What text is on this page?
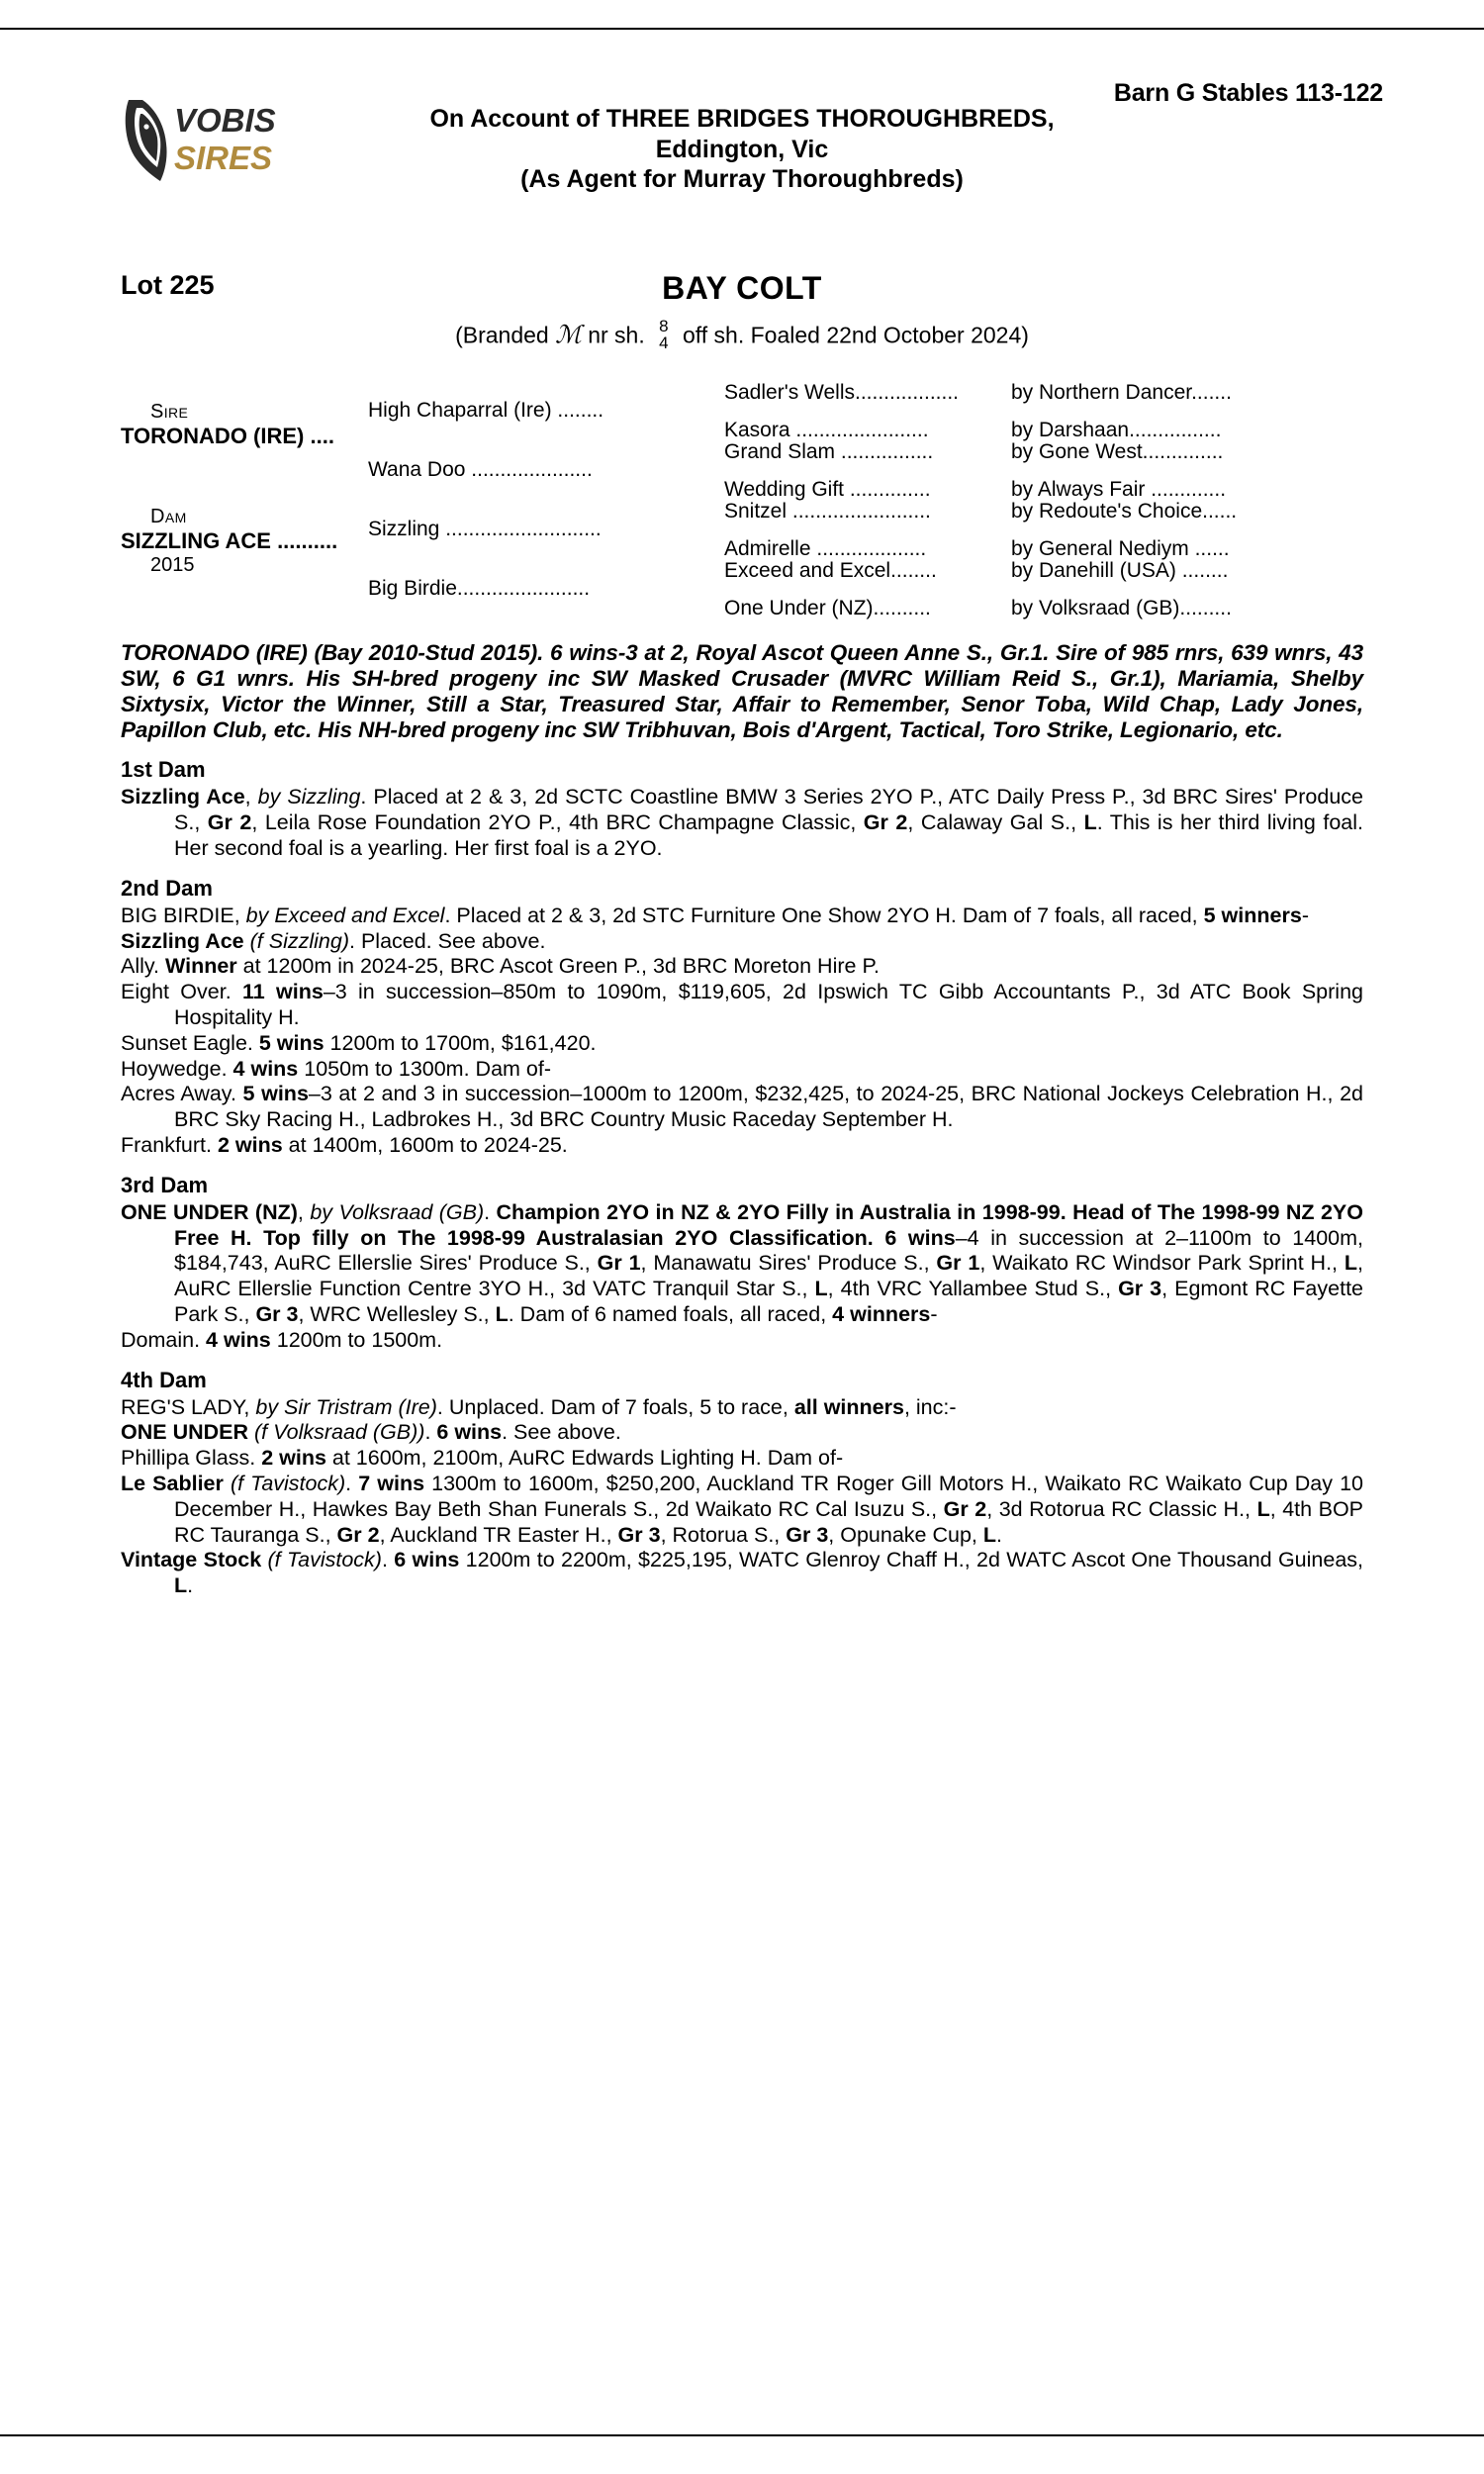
VOBIS
SIRES
Barn G Stables 113-122
On Account of THREE BRIDGES THOROUGHBREDS,
Eddington, Vic
(As Agent for Murray Thoroughbreds)
Lot 225	BAY COLT
(Branded ℳ nr sh. 8
4 off sh. Foaled 22nd October 2024)
Sire
TORONADO (IRE) ....
Dam
SIZZLING ACE ..........
2015
High Chaparral (Ire) ........
Wana Doo .....................
Sizzling ...........................
Big Birdie.......................
Sadler's Wells..................	by Northern Dancer.......
Kasora .......................	by Darshaan................
Grand Slam ................	by Gone West..............
Wedding Gift ..............	by Always Fair .............
Snitzel ........................	by Redoute's Choice......
Admirelle ...................	by General Nediym ......
Exceed and Excel........	by Danehill (USA) ........
One Under (NZ)..........	by Volksraad (GB).........
TORONADO (IRE) (Bay 2010-Stud 2015). 6 wins-3 at 2, Royal Ascot Queen Anne S., Gr.1. Sire of 985 rnrs, 639 wnrs, 43 SW, 6 G1 wnrs. His SH-bred progeny inc SW Masked Crusader (MVRC William Reid S., Gr.1), Mariamia, Shelby Sixtysix, Victor the Winner, Still a Star, Treasured Star, Affair to Remember, Senor Toba, Wild Chap, Lady Jones, Papillon Club, etc. His NH-bred progeny inc SW Tribhuvan, Bois d'Argent, Tactical, Toro Strike, Legionario, etc.
1st Dam
Sizzling Ace, by Sizzling. Placed at 2 & 3, 2d SCTC Coastline BMW 3 Series 2YO P., ATC Daily Press P., 3d BRC Sires' Produce S., Gr 2, Leila Rose Foundation 2YO P., 4th BRC Champagne Classic, Gr 2, Calaway Gal S., L. This is her third living foal. Her second foal is a yearling. Her first foal is a 2YO.
2nd Dam
BIG BIRDIE, by Exceed and Excel. Placed at 2 & 3, 2d STC Furniture One Show 2YO H. Dam of 7 foals, all raced, 5 winners-
Sizzling Ace (f Sizzling). Placed. See above.
Ally. Winner at 1200m in 2024-25, BRC Ascot Green P., 3d BRC Moreton Hire P.
Eight Over. 11 wins–3 in succession–850m to 1090m, $119,605, 2d Ipswich TC Gibb Accountants P., 3d ATC Book Spring Hospitality H.
Sunset Eagle. 5 wins 1200m to 1700m, $161,420.
Hoywedge. 4 wins 1050m to 1300m. Dam of-
Acres Away. 5 wins–3 at 2 and 3 in succession–1000m to 1200m, $232,425, to 2024-25, BRC National Jockeys Celebration H., 2d BRC Sky Racing H., Ladbrokes H., 3d BRC Country Music Raceday September H.
Frankfurt. 2 wins at 1400m, 1600m to 2024-25.
3rd Dam
ONE UNDER (NZ), by Volksraad (GB). Champion 2YO in NZ & 2YO Filly in Australia in 1998-99. Head of The 1998-99 NZ 2YO Free H. Top filly on The 1998-99 Australasian 2YO Classification. 6 wins–4 in succession at 2–1100m to 1400m, $184,743, AuRC Ellerslie Sires' Produce S., Gr 1, Manawatu Sires' Produce S., Gr 1, Waikato RC Windsor Park Sprint H., L, AuRC Ellerslie Function Centre 3YO H., 3d VATC Tranquil Star S., L, 4th VRC Yallambee Stud S., Gr 3, Egmont RC Fayette Park S., Gr 3, WRC Wellesley S., L. Dam of 6 named foals, all raced, 4 winners-
Domain. 4 wins 1200m to 1500m.
4th Dam
REG'S LADY, by Sir Tristram (Ire). Unplaced. Dam of 7 foals, 5 to race, all winners, inc:-
ONE UNDER (f Volksraad (GB)). 6 wins. See above.
Phillipa Glass. 2 wins at 1600m, 2100m, AuRC Edwards Lighting H. Dam of-
Le Sablier (f Tavistock). 7 wins 1300m to 1600m, $250,200, Auckland TR Roger Gill Motors H., Waikato RC Waikato Cup Day 10 December H., Hawkes Bay Beth Shan Funerals S., 2d Waikato RC Cal Isuzu S., Gr 2, 3d Rotorua RC Classic H., L, 4th BOP RC Tauranga S., Gr 2, Auckland TR Easter H., Gr 3, Rotorua S., Gr 3, Opunake Cup, L.
Vintage Stock (f Tavistock). 6 wins 1200m to 2200m, $225,195, WATC Glenroy Chaff H., 2d WATC Ascot One Thousand Guineas, L.
